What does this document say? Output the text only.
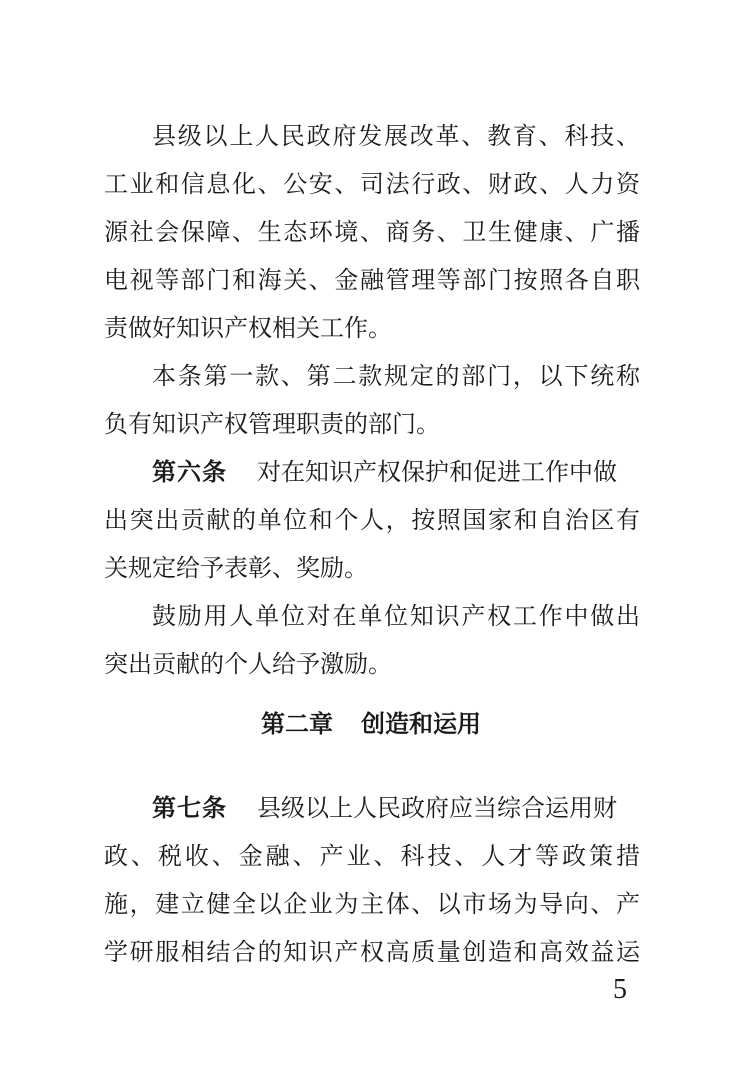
县级以上人民政府发展改革、教育、科技、
工业和信息化、公安、司法行政、财政、人力资
源社会保障、生态环境、商务、卫生健康、广播
电视等部门和海关、金融管理等部门按照各自职
责做好知识产权相关工作。
本条第一款、第二款规定的部门，以下统称
负有知识产权管理职责的部门。
第六条 对在知识产权保护和促进工作中做
出突出贡献的单位和个人，按照国家和自治区有
关规定给予表彰、奖励。
鼓励用人单位对在单位知识产权工作中做出
突出贡献的个人给予激励。
第二章 创造和运用
第七条 县级以上人民政府应当综合运用财
政、税收、金融、产业、科技、人才等政策措
施，建立健全以企业为主体、以市场为导向、产
学研服相结合的知识产权高质量创造和高效益运
5
